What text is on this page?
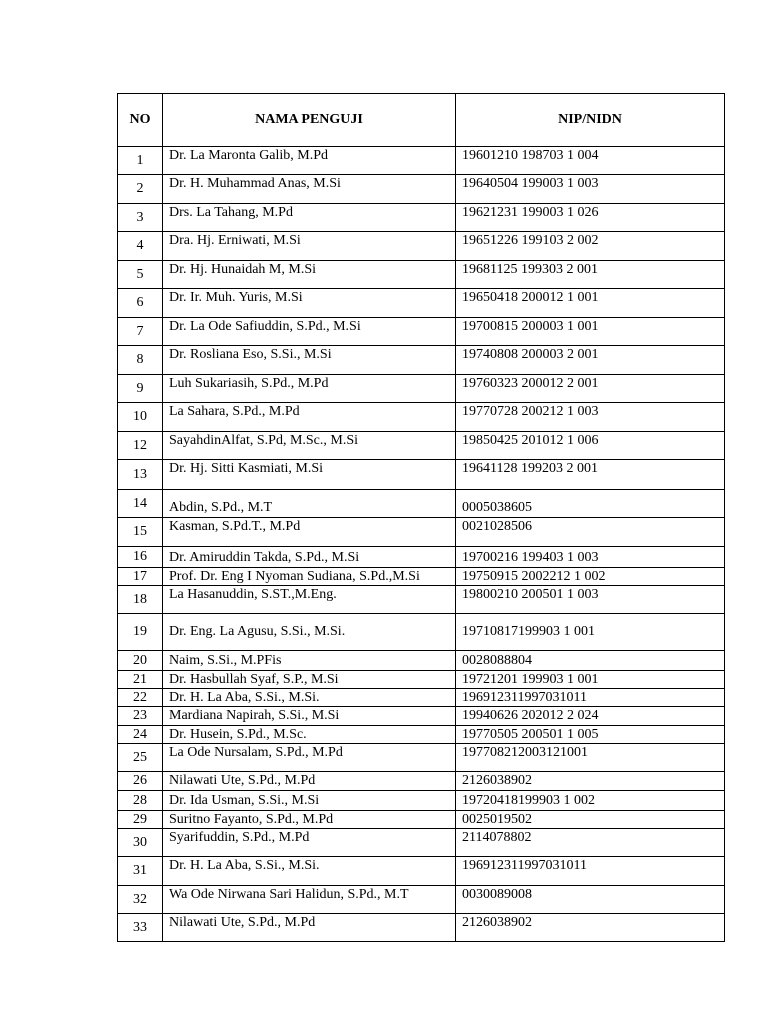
NO	NAMA PENGUJI	NIP/NIDN
1	Dr. La Maronta Galib, M.Pd	19601210 198703 1 004
2	Dr. H. Muhammad Anas, M.Si	19640504 199003 1 003
3	Drs. La Tahang, M.Pd	19621231 199003 1 026
4	Dra. Hj. Erniwati, M.Si	19651226 199103 2 002
5	Dr. Hj. Hunaidah M, M.Si	19681125 199303 2 001
6	Dr. Ir. Muh. Yuris, M.Si	19650418 200012 1 001
7	Dr. La Ode Safiuddin, S.Pd., M.Si	19700815 200003 1 001
8	Dr. Rosliana Eso, S.Si., M.Si	19740808 200003 2 001
9	Luh Sukariasih, S.Pd., M.Pd	19760323 200012 2 001
10	La Sahara, S.Pd., M.Pd	19770728 200212 1 003
12	SayahdinAlfat, S.Pd, M.Sc., M.Si	19850425 201012 1 006
13	Dr. Hj. Sitti Kasmiati, M.Si	19641128 199203 2 001
14	Abdin, S.Pd., M.T	0005038605
15	Kasman, S.Pd.T., M.Pd	0021028506
16	Dr. Amiruddin Takda, S.Pd., M.Si	19700216 199403 1 003
17	Prof. Dr. Eng I Nyoman Sudiana, S.Pd.,M.Si	19750915 2002212 1 002
18	La Hasanuddin, S.ST.,M.Eng.	19800210 200501 1 003
19	Dr. Eng. La Agusu, S.Si., M.Si.	19710817199903 1 001
20	Naim, S.Si., M.PFis	0028088804
21	Dr. Hasbullah Syaf, S.P., M.Si	19721201 199903 1 001
22	Dr. H. La Aba, S.Si., M.Si.	196912311997031011
23	Mardiana Napirah, S.Si., M.Si	19940626 202012 2 024
24	Dr. Husein, S.Pd., M.Sc.	19770505 200501 1 005
25	La Ode Nursalam, S.Pd., M.Pd	197708212003121001
26	Nilawati Ute, S.Pd., M.Pd	2126038902
28	Dr. Ida Usman, S.Si., M.Si	19720418199903 1 002
29	Suritno Fayanto, S.Pd., M.Pd	0025019502
30	Syarifuddin, S.Pd., M.Pd	2114078802
31	Dr. H. La Aba, S.Si., M.Si.	196912311997031011
32	Wa Ode Nirwana Sari Halidun, S.Pd., M.T	0030089008
33	Nilawati Ute, S.Pd., M.Pd	2126038902
